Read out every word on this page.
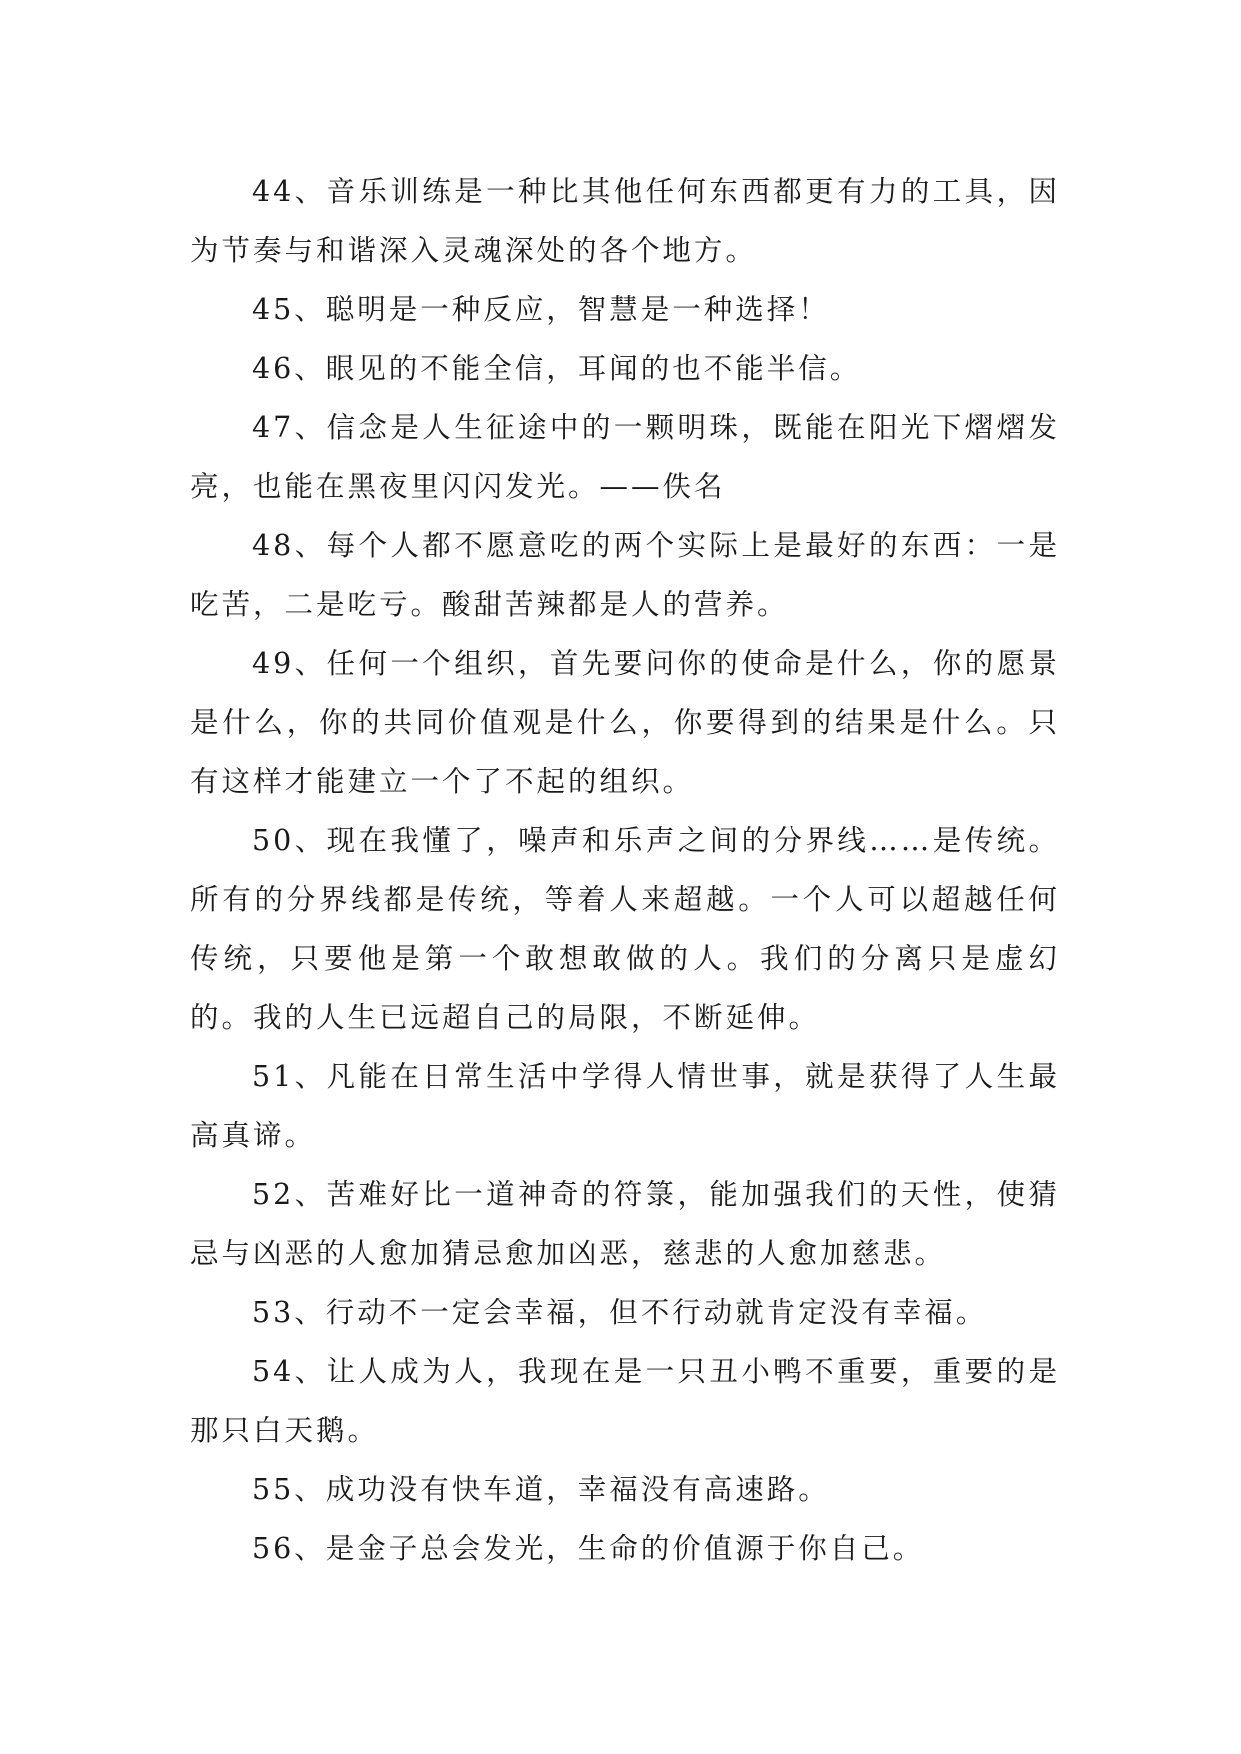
44、音乐训练是一种比其他任何东西都更有力的工具，因为节奏与和谐深入灵魂深处的各个地方。

45、聪明是一种反应，智慧是一种选择！

46、眼见的不能全信，耳闻的也不能半信。

47、信念是人生征途中的一颗明珠，既能在阳光下熠熠发亮，也能在黑夜里闪闪发光。——佚名

48、每个人都不愿意吃的两个实际上是最好的东西：一是吃苦，二是吃亏。酸甜苦辣都是人的营养。

49、任何一个组织，首先要问你的使命是什么，你的愿景是什么，你的共同价值观是什么，你要得到的结果是什么。只有这样才能建立一个了不起的组织。

50、现在我懂了，噪声和乐声之间的分界线……是传统。所有的分界线都是传统，等着人来超越。一个人可以超越任何传统，只要他是第一个敢想敢做的人。我们的分离只是虚幻的。我的人生已远超自己的局限，不断延伸。

51、凡能在日常生活中学得人情世事，就是获得了人生最高真谛。

52、苦难好比一道神奇的符箓，能加强我们的天性，使猜忌与凶恶的人愈加猜忌愈加凶恶，慈悲的人愈加慈悲。

53、行动不一定会幸福，但不行动就肯定没有幸福。

54、让人成为人，我现在是一只丑小鸭不重要，重要的是那只白天鹅。

55、成功没有快车道，幸福没有高速路。

56、是金子总会发光，生命的价值源于你自己。
